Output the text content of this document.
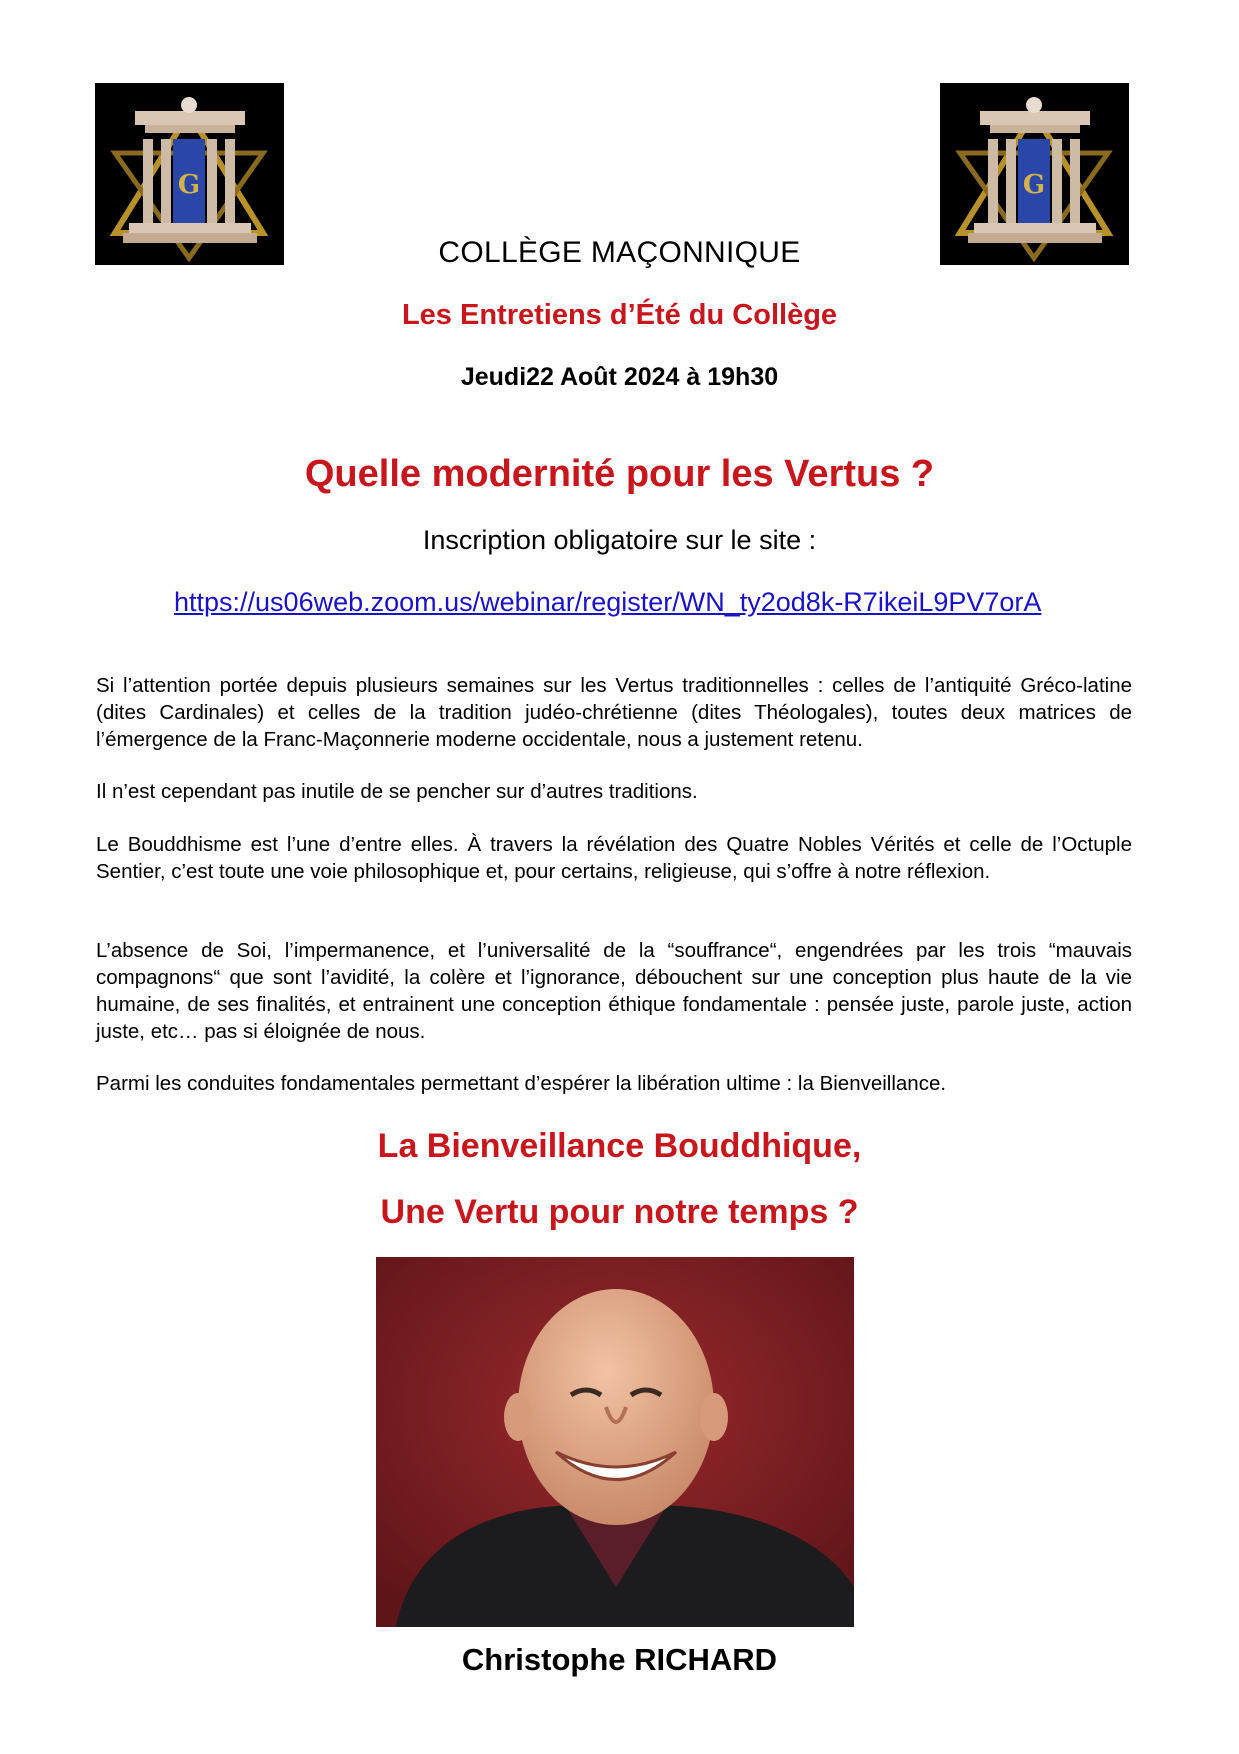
G	G
COLLÈGE MAÇONNIQUE
Les Entretiens d’Été du Collège

Jeudi22 Août 2024 à 19h30

Quelle modernité pour les Vertus ?

Inscription obligatoire sur le site :

https://us06web.zoom.us/webinar/register/WN_ty2od8k-R7ikeiL9PV7orA

Si l’attention portée depuis plusieurs semaines sur les Vertus traditionnelles : celles de l’antiquité Gréco-latine (dites Cardinales) et celles de la tradition judéo-chrétienne (dites Théologales), toutes deux matrices de l’émergence de la Franc-Maçonnerie moderne occidentale, nous a justement retenu.

Il n’est cependant pas inutile de se pencher sur d’autres traditions.

Le Bouddhisme est l’une d’entre elles. À travers la révélation des Quatre Nobles Vérités et celle de l’Octuple Sentier, c’est toute une voie philosophique et, pour certains, religieuse, qui s’offre à notre réflexion.

L’absence de Soi, l’impermanence, et l’universalité de la “souffrance“, engendrées par les trois “mauvais compagnons“ que sont l’avidité, la colère et l’ignorance, débouchent sur une conception plus haute de la vie humaine, de ses finalités, et entrainent une conception éthique fondamentale : pensée juste, parole juste, action juste, etc… pas si éloignée de nous.

Parmi les conduites fondamentales permettant d’espérer la libération ultime : la Bienveillance.

La Bienveillance Bouddhique,
Une Vertu pour notre temps ?

Christophe RICHARD
